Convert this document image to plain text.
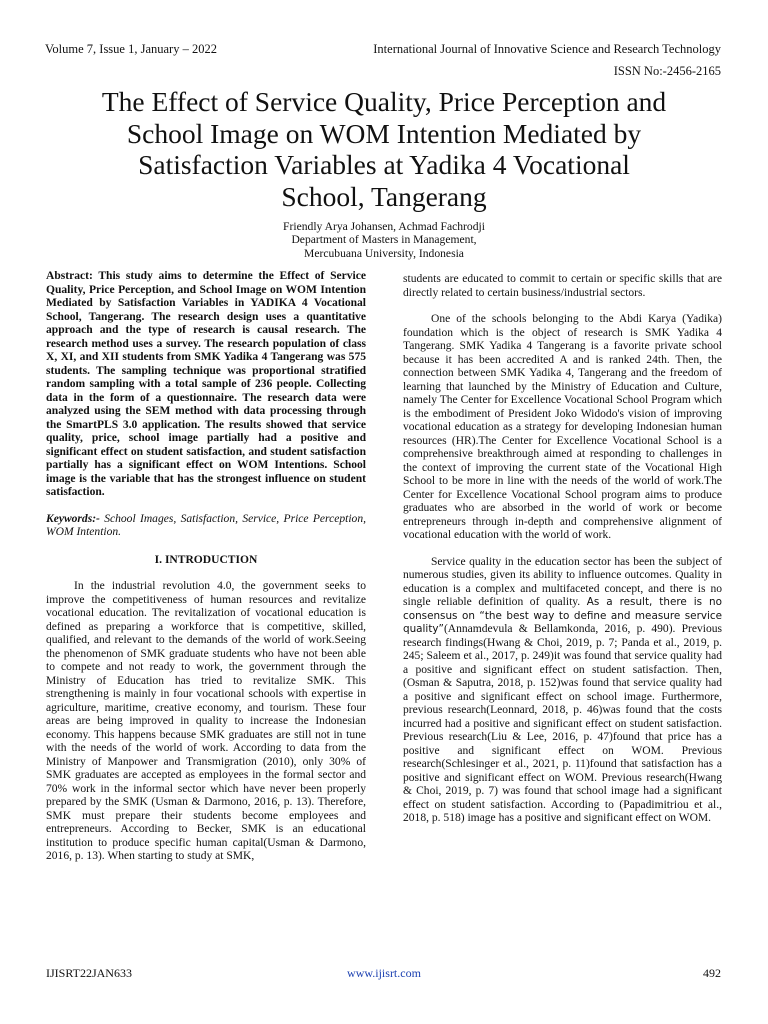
Volume 7, Issue 1, January – 2022	International Journal of Innovative Science and Research Technology
ISSN No:-2456-2165
The Effect of Service Quality, Price Perception and
School Image on WOM Intention Mediated by
Satisfaction Variables at Yadika 4 Vocational
School, Tangerang
Friendly Arya Johansen, Achmad Fachrodji
Department of Masters in Management,
Mercubuana University, Indonesia

Abstract: This study aims to determine the Effect of Service Quality, Price Perception, and School Image on WOM Intention Mediated by Satisfaction Variables in YADIKA 4 Vocational School, Tangerang. The research design uses a quantitative approach and the type of research is causal research. The research method uses a survey. The research population of class X, XI, and XII students from SMK Yadika 4 Tangerang was 575 students. The sampling technique was proportional stratified random sampling with a total sample of 236 people. Collecting data in the form of a questionnaire. The research data were analyzed using the SEM method with data processing through the SmartPLS 3.0 application. The results showed that service quality, price, school image partially had a positive and significant effect on student satisfaction, and student satisfaction partially has a significant effect on WOM Intentions. School image is the variable that has the strongest influence on student satisfaction.

Keywords:- School Images, Satisfaction, Service, Price Perception, WOM Intention.

I. INTRODUCTION

In the industrial revolution 4.0, the government seeks to improve the competitiveness of human resources and revitalize vocational education. The revitalization of vocational education is defined as preparing a workforce that is competitive, skilled, qualified, and relevant to the demands of the world of work.Seeing the phenomenon of SMK graduate students who have not been able to compete and not ready to work, the government through the Ministry of Education has tried to revitalize SMK. This strengthening is mainly in four vocational schools with expertise in agriculture, maritime, creative economy, and tourism. These four areas are being improved in quality to increase the Indonesian economy. This happens because SMK graduates are still not in tune with the needs of the world of work. According to data from the Ministry of Manpower and Transmigration (2010), only 30% of SMK graduates are accepted as employees in the formal sector and 70% work in the informal sector which have never been properly prepared by the SMK (Usman & Darmono, 2016, p. 13). Therefore, SMK must prepare their students become employees and entrepreneurs. According to Becker, SMK is an educational institution to produce specific human capital(Usman & Darmono, 2016, p. 13). When starting to study at SMK,

students are educated to commit to certain or specific skills that are directly related to certain business/industrial sectors.

One of the schools belonging to the Abdi Karya (Yadika) foundation which is the object of research is SMK Yadika 4 Tangerang. SMK Yadika 4 Tangerang is a favorite private school because it has been accredited A and is ranked 24th. Then, the connection between SMK Yadika 4, Tangerang and the freedom of learning that launched by the Ministry of Education and Culture, namely The Center for Excellence Vocational School Program which is the embodiment of President Joko Widodo's vision of improving vocational education as a strategy for developing Indonesian human resources (HR).The Center for Excellence Vocational School is a comprehensive breakthrough aimed at responding to challenges in the context of improving the current state of the Vocational High School to be more in line with the needs of the world of work.The Center for Excellence Vocational School program aims to produce graduates who are absorbed in the world of work or become entrepreneurs through in-depth and comprehensive alignment of vocational education with the world of work.

Service quality in the education sector has been the subject of numerous studies, given its ability to influence outcomes. Quality in education is a complex and multifaceted concept, and there is no single reliable definition of quality. As a result, there is no consensus on “the best way to define and measure service quality”(Annamdevula & Bellamkonda, 2016, p. 490). Previous research findings(Hwang & Choi, 2019, p. 7; Panda et al., 2019, p. 245; Saleem et al., 2017, p. 249)it was found that service quality had a positive and significant effect on student satisfaction. Then,(Osman & Saputra, 2018, p. 152)was found that service quality had a positive and significant effect on school image. Furthermore, previous research(Leonnard, 2018, p. 46)was found that the costs incurred had a positive and significant effect on student satisfaction. Previous research(Liu & Lee, 2016, p. 47)found that price has a positive and significant effect on WOM. Previous research(Schlesinger et al., 2021, p. 11)found that satisfaction has a positive and significant effect on WOM. Previous research(Hwang & Choi, 2019, p. 7) was found that school image had a significant effect on student satisfaction. According to (Papadimitriou et al., 2018, p. 518) image has a positive and significant effect on WOM.

IJISRT22JAN633	www.ijisrt.com	492
